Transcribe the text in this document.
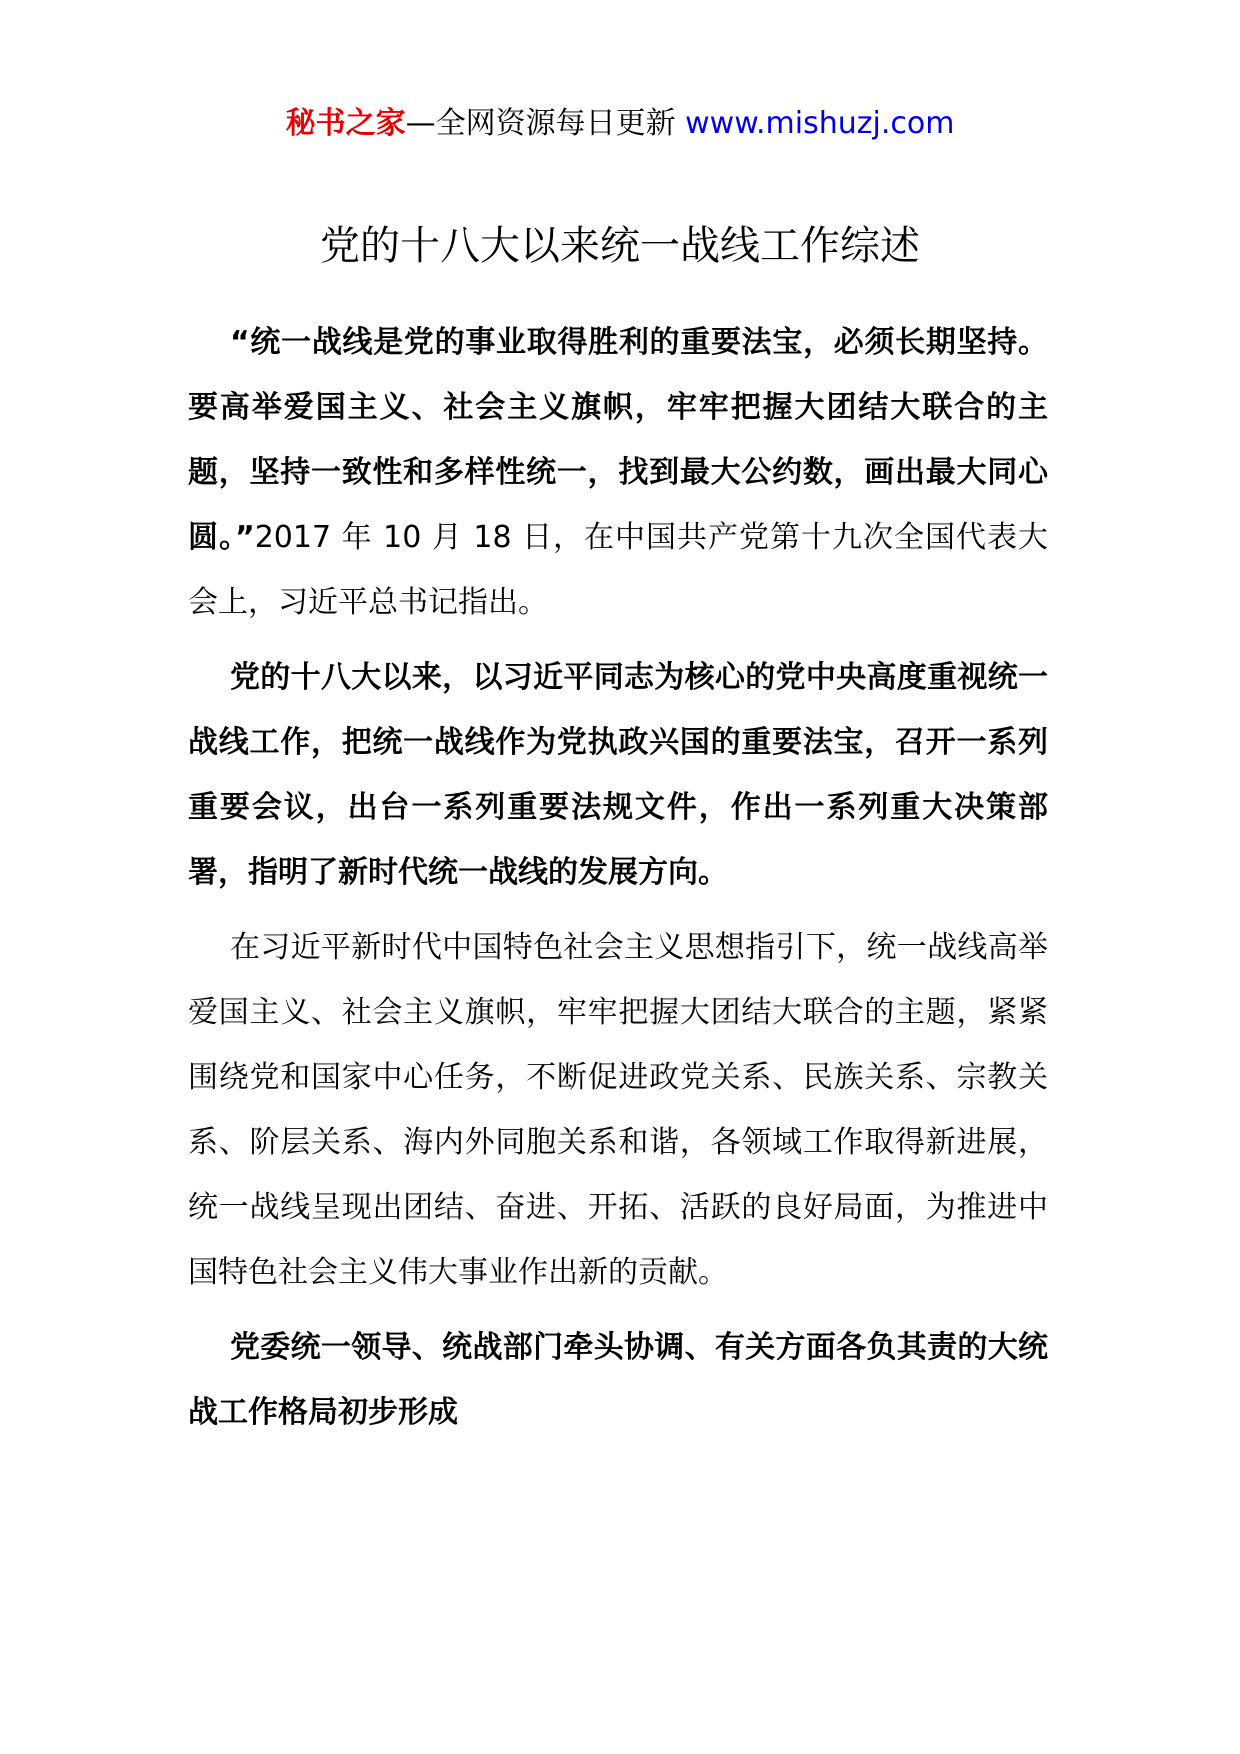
秘书之家—全网资源每日更新 www.mishuzj.com
党的十八大以来统一战线工作综述

“统一战线是党的事业取得胜利的重要法宝，必须长期坚持。要高举爱国主义、社会主义旗帜，牢牢把握大团结大联合的主题，坚持一致性和多样性统一，找到最大公约数，画出最大同心圆。”2017 年 10 月 18 日，在中国共产党第十九次全国代表大会上，习近平总书记指出。

党的十八大以来，以习近平同志为核心的党中央高度重视统一战线工作，把统一战线作为党执政兴国的重要法宝，召开一系列重要会议，出台一系列重要法规文件，作出一系列重大决策部署，指明了新时代统一战线的发展方向。

在习近平新时代中国特色社会主义思想指引下，统一战线高举爱国主义、社会主义旗帜，牢牢把握大团结大联合的主题，紧紧围绕党和国家中心任务，不断促进政党关系、民族关系、宗教关系、阶层关系、海内外同胞关系和谐，各领域工作取得新进展，统一战线呈现出团结、奋进、开拓、活跃的良好局面，为推进中国特色社会主义伟大事业作出新的贡献。

党委统一领导、统战部门牵头协调、有关方面各负其责的大统战工作格局初步形成
